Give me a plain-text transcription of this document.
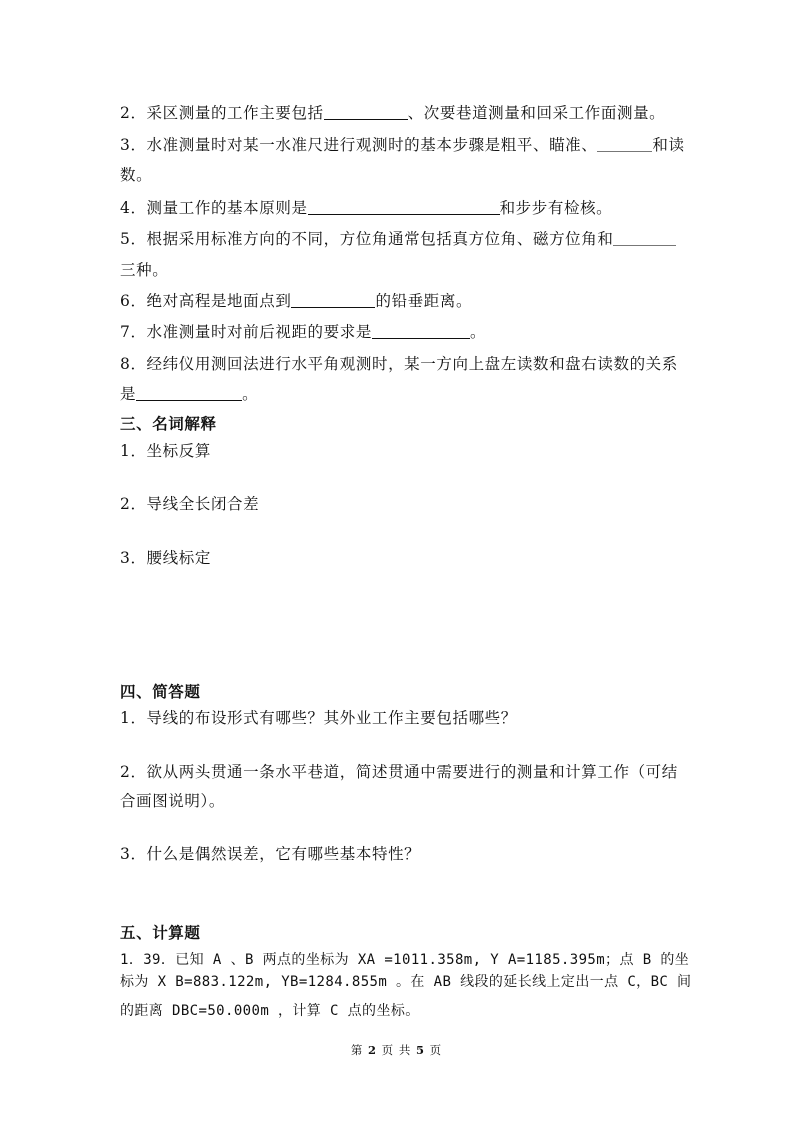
2．采区测量的工作主要包括	、次要巷道测量和回采工作面测量。
3．水准测量时对某一水准尺进行观测时的基本步骤是粗平、瞄准、	和读
数。
4．测量工作的基本原则是	和步步有检核。
5．根据采用标准方向的不同，方位角通常包括真方位角、磁方位角和
三种。
6．绝对高程是地面点到	的铅垂距离。
7．水准测量时对前后视距的要求是	。
8．经纬仪用测回法进行水平角观测时，某一方向上盘左读数和盘右读数的关系
是	。
三、名词解释
1．坐标反算
2．导线全长闭合差
3．腰线标定
四、简答题
1．导线的布设形式有哪些？其外业工作主要包括哪些？
2．欲从两头贯通一条水平巷道，简述贯通中需要进行的测量和计算工作（可结
合画图说明）。
3．什么是偶然误差，它有哪些基本特性？
五、计算题
1．39．已知 A 、B 两点的坐标为 XA =1011.358m, Y A=1185.395m；点 B 的坐
标为 X B=883.122m, YB=1284.855m 。在 AB 线段的延长线上定出一点 C，BC 间
的距离 DBC=50.000m ，计算 C 点的坐标。
第 2 页 共 5 页
